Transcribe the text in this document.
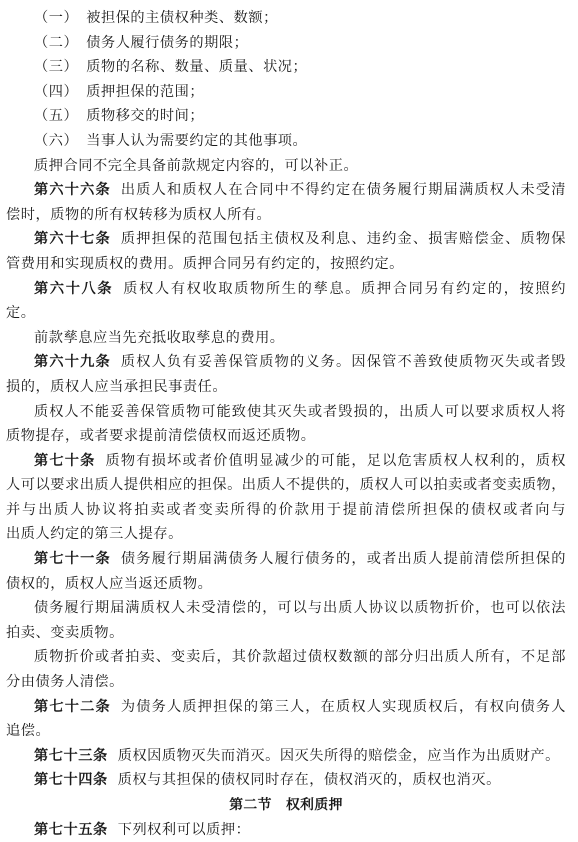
（一） 被担保的主债权种类、数额；
（二） 债务人履行债务的期限；
（三） 质物的名称、数量、质量、状况；
（四） 质押担保的范围；
（五） 质物移交的时间；
（六） 当事人认为需要约定的其他事项。
质押合同不完全具备前款规定内容的，可以补正。
第六十六条 出质人和质权人在合同中不得约定在债务履行期届满质权人未受清
偿时，质物的所有权转移为质权人所有。
第六十七条 质押担保的范围包括主债权及利息、违约金、损害赔偿金、质物保
管费用和实现质权的费用。质押合同另有约定的，按照约定。
第六十八条 质权人有权收取质物所生的孳息。质押合同另有约定的，按照约
定。
前款孳息应当先充抵收取孳息的费用。
第六十九条 质权人负有妥善保管质物的义务。因保管不善致使质物灭失或者毁
损的，质权人应当承担民事责任。
质权人不能妥善保管质物可能致使其灭失或者毁损的，出质人可以要求质权人将
质物提存，或者要求提前清偿债权而返还质物。
第七十条 质物有损坏或者价值明显减少的可能，足以危害质权人权利的，质权
人可以要求出质人提供相应的担保。出质人不提供的，质权人可以拍卖或者变卖质物，
并与出质人协议将拍卖或者变卖所得的价款用于提前清偿所担保的债权或者向与
出质人约定的第三人提存。
第七十一条 债务履行期届满债务人履行债务的，或者出质人提前清偿所担保的
债权的，质权人应当返还质物。
债务履行期届满质权人未受清偿的，可以与出质人协议以质物折价，也可以依法
拍卖、变卖质物。
质物折价或者拍卖、变卖后，其价款超过债权数额的部分归出质人所有，不足部
分由债务人清偿。
第七十二条 为债务人质押担保的第三人，在质权人实现质权后，有权向债务人
追偿。
第七十三条 质权因质物灭失而消灭。因灭失所得的赔偿金，应当作为出质财产。
第七十四条 质权与其担保的债权同时存在，债权消灭的，质权也消灭。
第二节　权利质押
第七十五条 下列权利可以质押：
